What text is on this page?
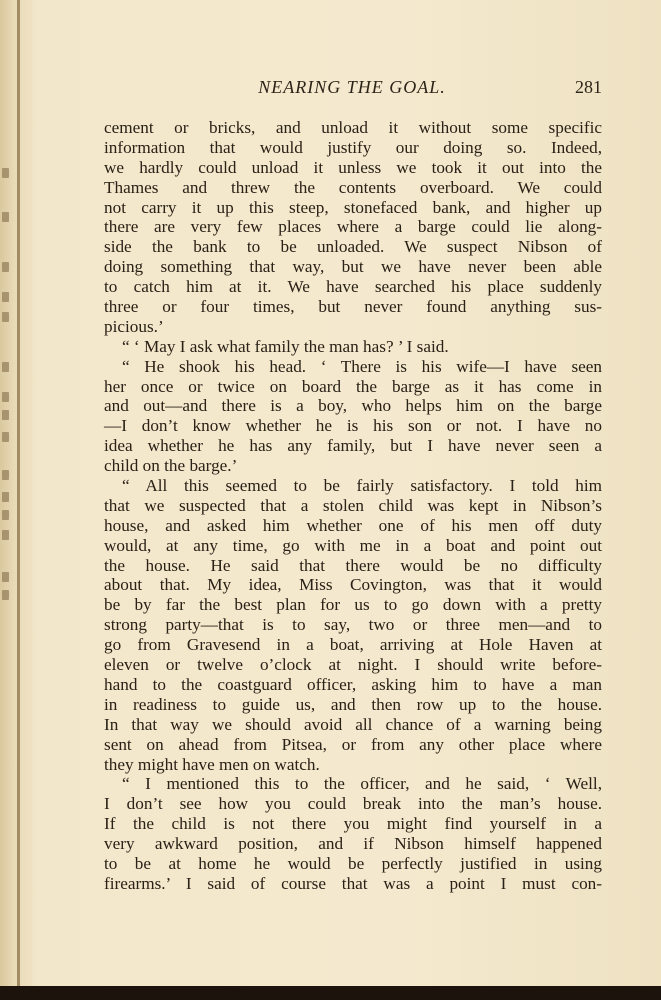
NEARING THE GOAL.	281
cement or bricks, and unload it without some specific
information that would justify our doing so. Indeed,
we hardly could unload it unless we took it out into the
Thames and threw the contents overboard. We could
not carry it up this steep, stonefaced bank, and higher up
there are very few places where a barge could lie along-
side the bank to be unloaded. We suspect Nibson of
doing something that way, but we have never been able
to catch him at it. We have searched his place suddenly
three or four times, but never found anything sus-
picious.’
“ ‘ May I ask what family the man has? ’ I said.
“ He shook his head. ‘ There is his wife—I have seen
her once or twice on board the barge as it has come in
and out—and there is a boy, who helps him on the barge
—I don’t know whether he is his son or not. I have no
idea whether he has any family, but I have never seen a
child on the barge.’
“ All this seemed to be fairly satisfactory. I told him
that we suspected that a stolen child was kept in Nibson’s
house, and asked him whether one of his men off duty
would, at any time, go with me in a boat and point out
the house. He said that there would be no difficulty
about that. My idea, Miss Covington, was that it would
be by far the best plan for us to go down with a pretty
strong party—that is to say, two or three men—and to
go from Gravesend in a boat, arriving at Hole Haven at
eleven or twelve o’clock at night. I should write before-
hand to the coastguard officer, asking him to have a man
in readiness to guide us, and then row up to the house.
In that way we should avoid all chance of a warning being
sent on ahead from Pitsea, or from any other place where
they might have men on watch.
“ I mentioned this to the officer, and he said, ‘ Well,
I don’t see how you could break into the man’s house.
If the child is not there you might find yourself in a
very awkward position, and if Nibson himself happened
to be at home he would be perfectly justified in using
firearms.’ I said of course that was a point I must con-
